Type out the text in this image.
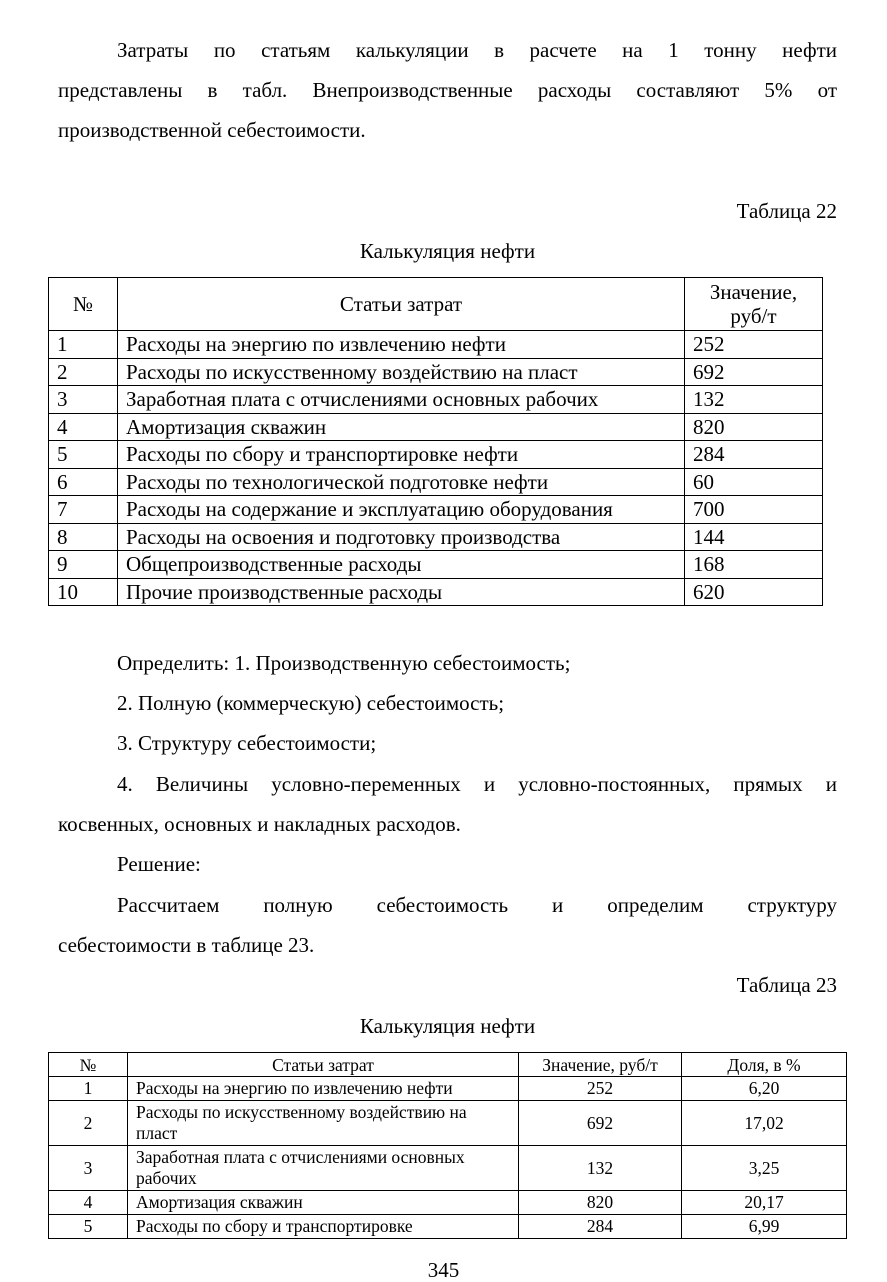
Затраты по статьям калькуляции в расчете на 1 тонну нефти

представлены в табл. Внепроизводственные расходы составляют 5% от

производственной себестоимости.

Таблица 22

Калькуляция нефти

№	Статьи затрат	Значение, руб/т
1	Расходы на энергию по извлечению нефти	252
2	Расходы по искусственному воздействию на пласт	692
3	Заработная плата с отчислениями основных рабочих	132
4	Амортизация скважин	820
5	Расходы по сбору и транспортировке нефти	284
6	Расходы по технологической подготовке нефти	60
7	Расходы на содержание и эксплуатацию оборудования	700
8	Расходы на освоения и подготовку производства	144
9	Общепроизводственные расходы	168
10	Прочие производственные расходы	620

Определить: 1. Производственную себестоимость;

2. Полную (коммерческую) себестоимость;

3. Структуру себестоимости;

4. Величины условно-переменных и условно-постоянных, прямых и

косвенных, основных и накладных расходов.

Решение:

Рассчитаем полную себестоимость и определим структуру

себестоимости в таблице 23.

Таблица 23

Калькуляция нефти

№	Статьи затрат	Значение, руб/т	Доля, в %
1	Расходы на энергию по извлечению нефти	252	6,20
2	Расходы по искусственному воздействию на пласт	692	17,02
3	Заработная плата с отчислениями основных рабочих	132	3,25
4	Амортизация скважин	820	20,17
5	Расходы по сбору и транспортировке	284	6,99
345
